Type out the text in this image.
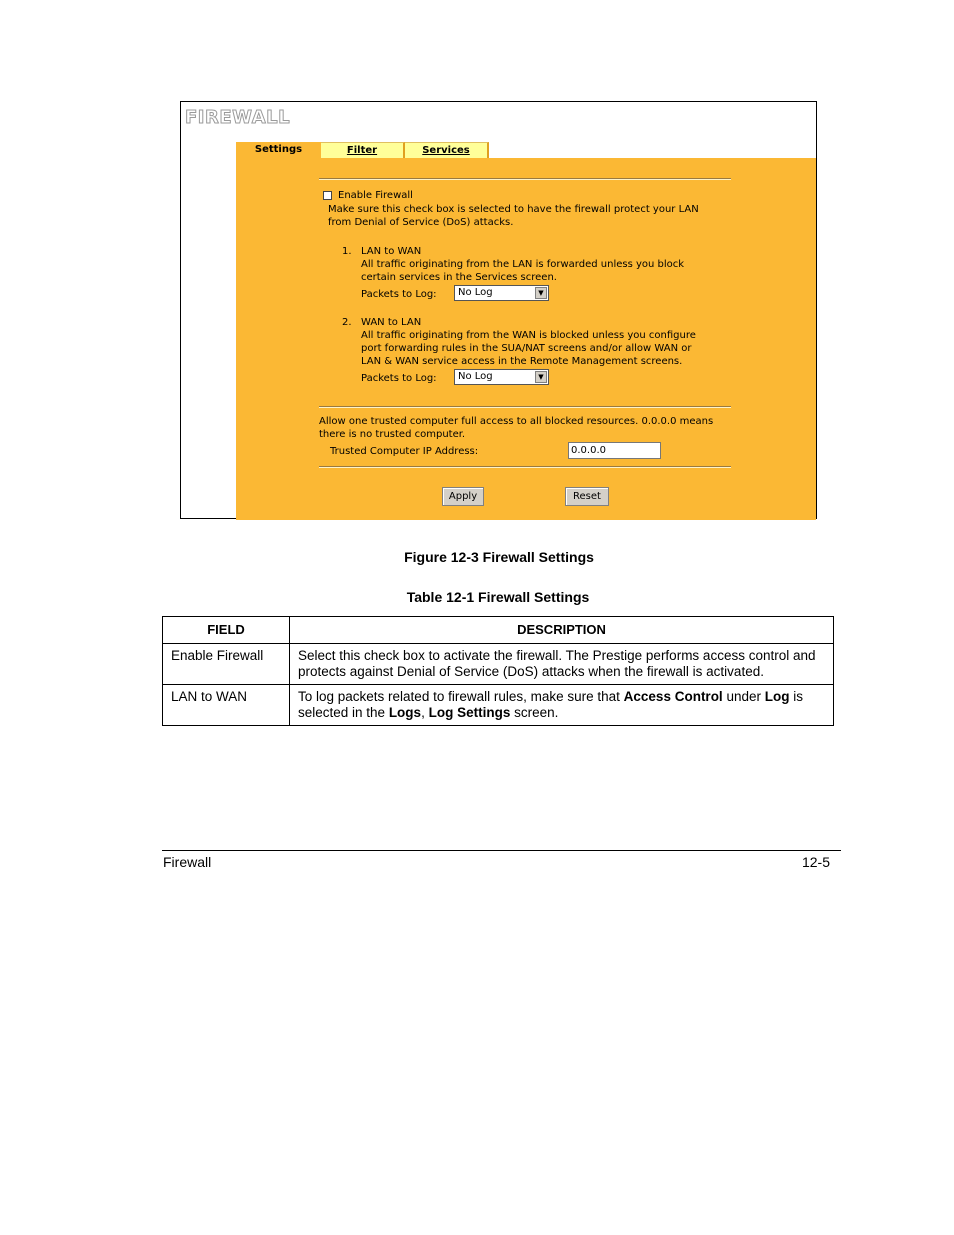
FIREWALL
Settings	Filter	Services
Enable Firewall
Make sure this check box is selected to have the firewall protect your LAN
from Denial of Service (DoS) attacks.
1. LAN to WAN
All traffic originating from the LAN is forwarded unless you block
certain services in the Services screen.
Packets to Log:	No Log	▼
2. WAN to LAN
All traffic originating from the WAN is blocked unless you configure
port forwarding rules in the SUA/NAT screens and/or allow WAN or
LAN & WAN service access in the Remote Management screens.
Packets to Log:	No Log	▼
Allow one trusted computer full access to all blocked resources. 0.0.0.0 means
there is no trusted computer.
Trusted Computer IP Address:	0.0.0.0
Apply	Reset
Figure 12-3 Firewall Settings
Table 12-1 Firewall Settings
FIELD	DESCRIPTION
Enable Firewall	Select this check box to activate the firewall. The Prestige performs access control and protects against Denial of Service (DoS) attacks when the firewall is activated.
LAN to WAN	To log packets related to firewall rules, make sure that Access Control under Log is selected in the Logs, Log Settings screen.
Firewall	12-5
